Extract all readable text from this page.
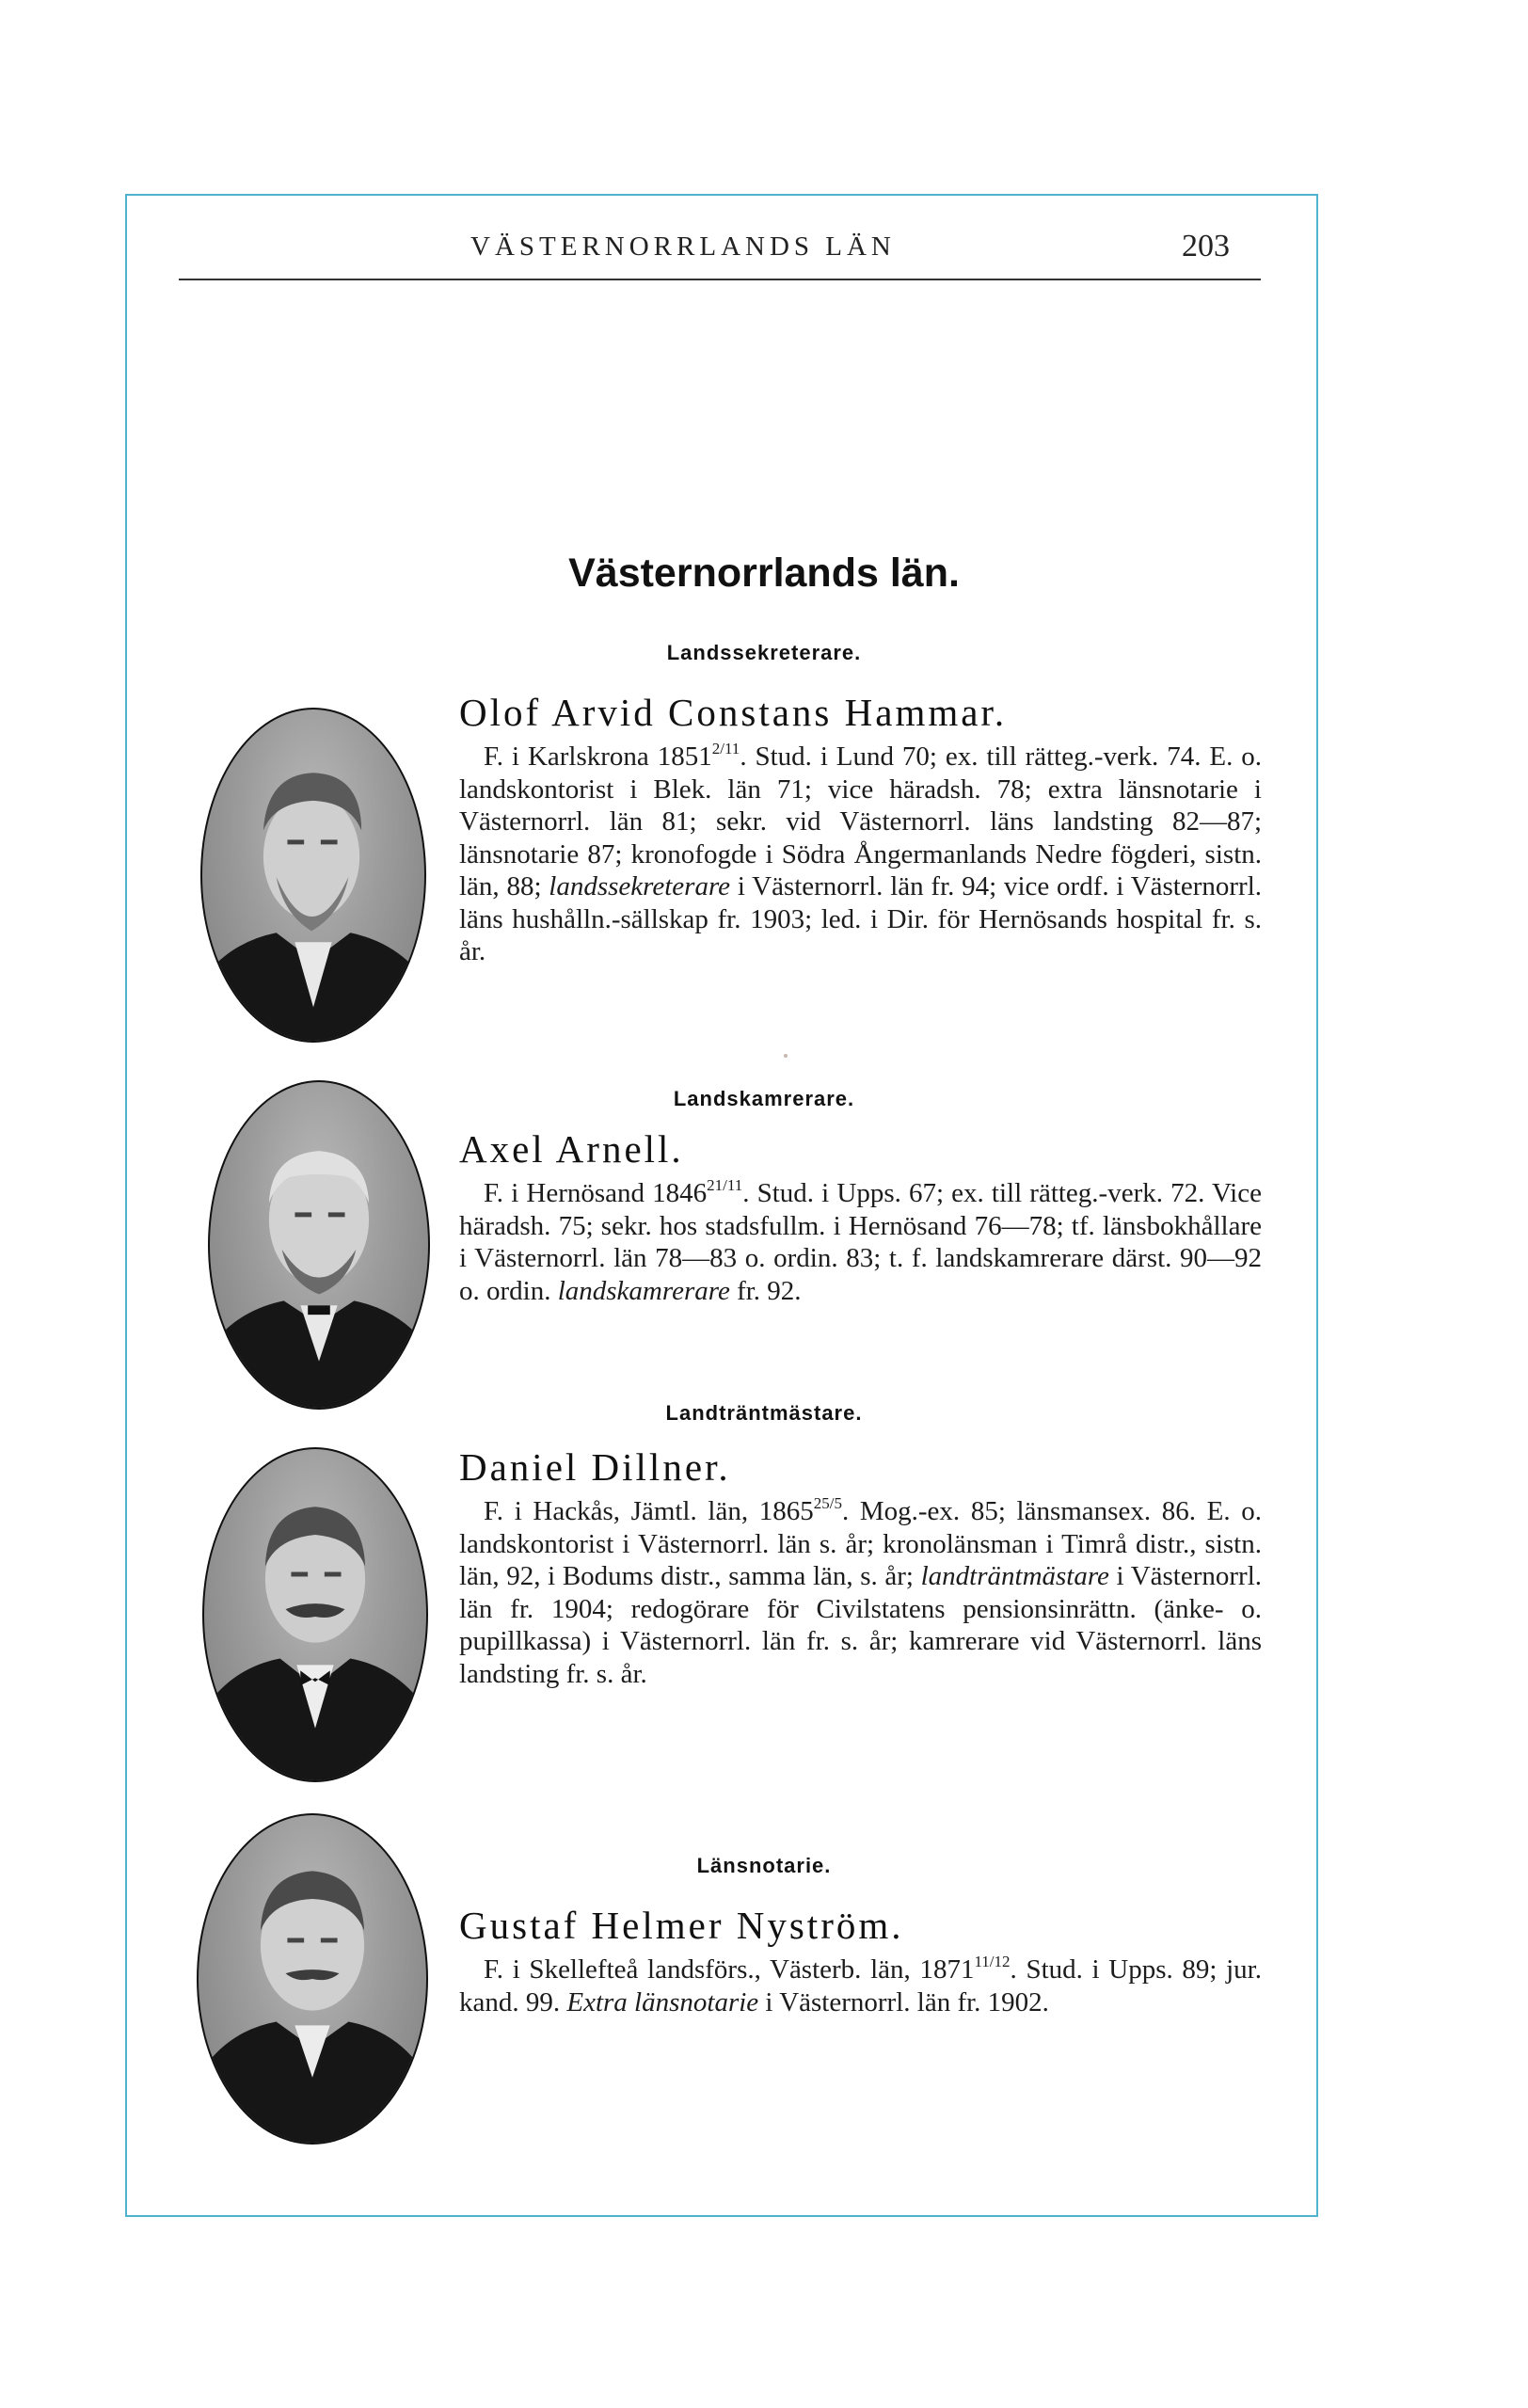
VÄSTERNORRLANDS LÄN	203
Västernorrlands län.
Landssekreterare.
Olof Arvid Constans Hammar.

F. i Karlskrona $1851^{2/11}$. Stud. i Lund 70; ex. till rätteg.-verk. 74. E. o. landskontorist i Blek. län 71; vice häradsh. 78; extra länsnotarie i Västernorrl. län 81; sekr. vid Västernorrl. läns landsting 82—87; länsnotarie 87; kronofogde i Södra Ångermanlands Nedre fögderi, sistn. län, 88; landssekreterare i Västernorrl. län fr. 94; vice ordf. i Västernorrl. läns hushålln.-sällskap fr. 1903; led. i Dir. för Hernösands hospital fr. s. år.

Landskamrerare.
Axel Arnell.

F. i Hernösand $1846^{21/11}$. Stud. i Upps. 67; ex. till rätteg.-verk. 72. Vice häradsh. 75; sekr. hos stadsfullm. i Hernösand 76—78; tf. länsbokhållare i Västernorrl. län 78—83 o. ordin. 83; t. f. landskamrerare därst. 90—92 o. ordin. landskamrerare fr. 92.

Landträntmästare.
Daniel Dillner.

F. i Hackås, Jämtl. län, $1865^{25/5}$. Mog.-ex. 85; länsmansex. 86. E. o. landskontorist i Västernorrl. län s. år; kronolänsman i Timrå distr., sistn. län, 92, i Bodums distr., samma län, s. år; landträntmästare i Västernorrl. län fr. 1904; redogörare för Civilstatens pensionsinrättn. (änke- o. pupillkassa) i Västernorrl. län fr. s. år; kamrerare vid Västernorrl. läns landsting fr. s. år.

Länsnotarie.
Gustaf Helmer Nyström.

F. i Skellefteå landsförs., Västerb. län, $1871^{11/12}$. Stud. i Upps. 89; jur. kand. 99. Extra länsnotarie i Västernorrl. län fr. 1902.
